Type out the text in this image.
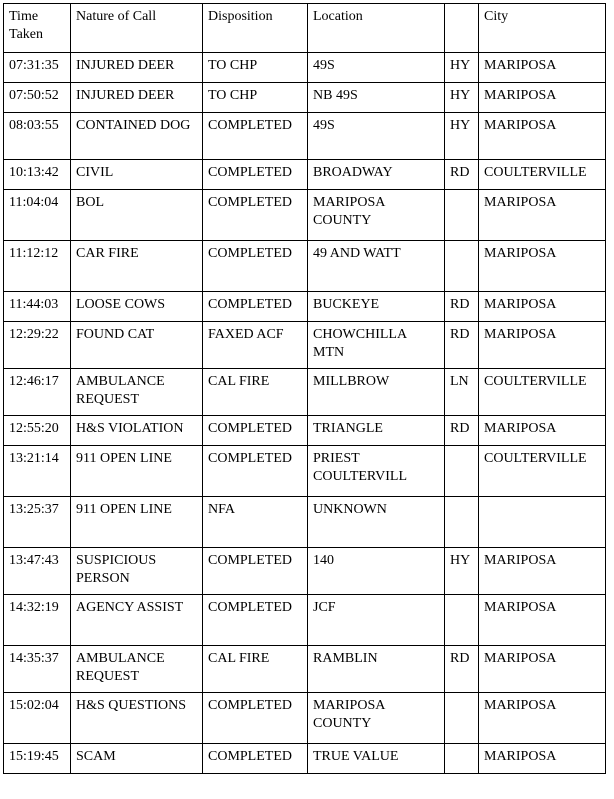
Time Taken	Nature of Call	Disposition	Location		City
07:31:35	INJURED DEER	TO CHP	49S	HY	MARIPOSA
07:50:52	INJURED DEER	TO CHP	NB 49S	HY	MARIPOSA
08:03:55	CONTAINED DOG	COMPLETED	49S	HY	MARIPOSA
10:13:42	CIVIL	COMPLETED	BROADWAY	RD	COULTERVILLE
11:04:04	BOL	COMPLETED	MARIPOSA COUNTY		MARIPOSA
11:12:12	CAR FIRE	COMPLETED	49 AND WATT		MARIPOSA
11:44:03	LOOSE COWS	COMPLETED	BUCKEYE	RD	MARIPOSA
12:29:22	FOUND CAT	FAXED ACF	CHOWCHILLA MTN	RD	MARIPOSA
12:46:17	AMBULANCE REQUEST	CAL FIRE	MILLBROW	LN	COULTERVILLE
12:55:20	H&S VIOLATION	COMPLETED	TRIANGLE	RD	MARIPOSA
13:21:14	911 OPEN LINE	COMPLETED	PRIEST COULTERVILL		COULTERVILLE
13:25:37	911 OPEN LINE	NFA	UNKNOWN		
13:47:43	SUSPICIOUS PERSON	COMPLETED	140	HY	MARIPOSA
14:32:19	AGENCY ASSIST	COMPLETED	JCF		MARIPOSA
14:35:37	AMBULANCE REQUEST	CAL FIRE	RAMBLIN	RD	MARIPOSA
15:02:04	H&S QUESTIONS	COMPLETED	MARIPOSA COUNTY		MARIPOSA
15:19:45	SCAM	COMPLETED	TRUE VALUE		MARIPOSA
